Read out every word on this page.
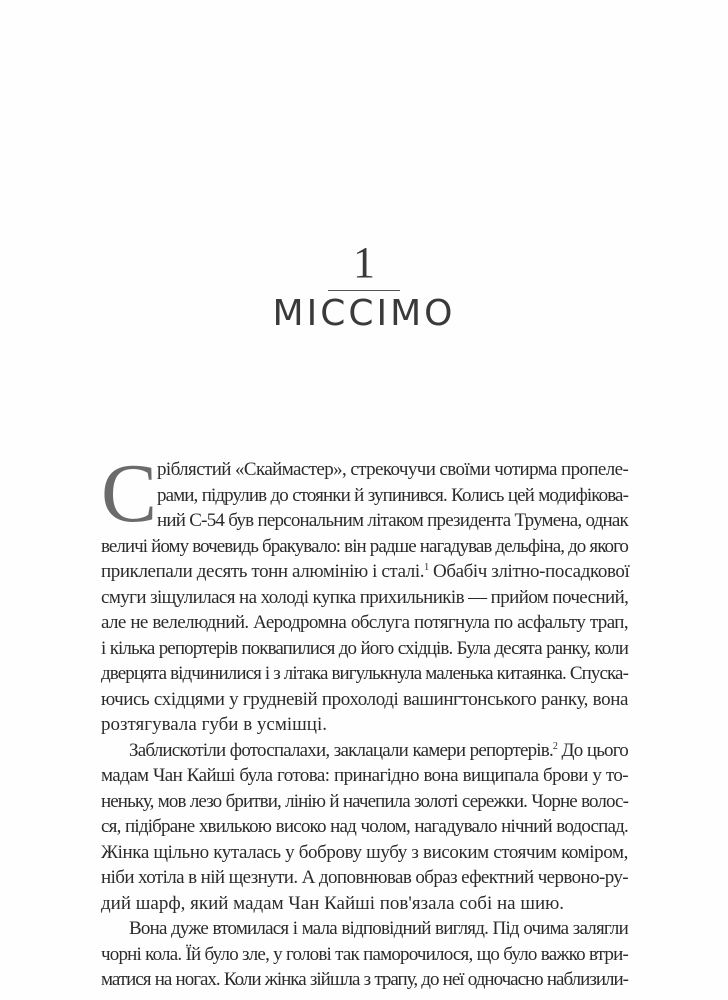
1
МІССІМО
С ріблястий «Скаймастер», стрекочучи своїми чотирма пропеле-
рами, підрулив до стоянки й зупинився. Колись цей модифікова-
ний С-54 був персональним літаком президента Трумена, однак
величі йому вочевидь бракувало: він радше нагадував дельфіна, до якого
приклепали десять тонн алюмінію і сталі.$^1$ Обабіч злітно-посадкової
смуги зіщулилася на холоді купка прихильників — прийом почесний,
але не велелюдний. Аеродромна обслуга потягнула по асфальту трап,
і кілька репортерів поквапилися до його східців. Була десята ранку, коли
дверцята відчинилися і з літака вигулькнула маленька китаянка. Спуска-
ючись східцями у грудневій прохолоді вашингтонського ранку, вона
розтягувала губи в усмішці.
Заблискотіли фотоспалахи, заклацали камери репортерів.$^2$ До цього
мадам Чан Кайші була готова: принагідно вона вищипала брови у то-
неньку, мов лезо бритви, лінію й начепила золоті сережки. Чорне волос-
ся, підібране хвилькою високо над чолом, нагадувало нічний водоспад.
Жінка щільно куталась у боброву шубу з високим стоячим коміром,
ніби хотіла в ній щезнути. А доповнював образ ефектний червоно-ру-
дий шарф, який мадам Чан Кайші пов'язала собі на шию.
Вона дуже втомилася і мала відповідний вигляд. Під очима залягли
чорні кола. Їй було зле, у голові так паморочилося, що було важко втри-
матися на ногах. Коли жінка зійшла з трапу, до неї одночасно наблизили-
